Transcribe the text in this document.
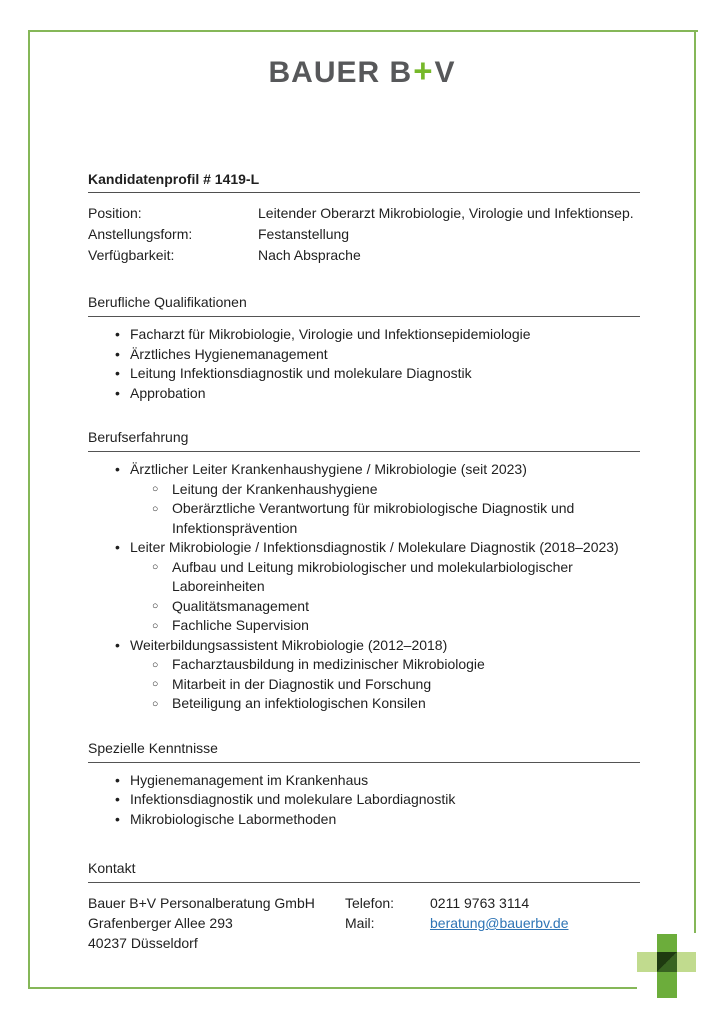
BAUER B+V
Kandidatenprofil # 1419-L
Position:	Leitender Oberarzt Mikrobiologie, Virologie und Infektionsep.
Anstellungsform:	Festanstellung
Verfügbarkeit:	Nach Absprache
Berufliche Qualifikationen
• Facharzt für Mikrobiologie, Virologie und Infektionsepidemiologie
• Ärztliches Hygienemanagement
• Leitung Infektionsdiagnostik und molekulare Diagnostik
• Approbation
Berufserfahrung
• Ärztlicher Leiter Krankenhaushygiene / Mikrobiologie (seit 2023)
○ Leitung der Krankenhaushygiene
○ Oberärztliche Verantwortung für mikrobiologische Diagnostik und Infektionsprävention
• Leiter Mikrobiologie / Infektionsdiagnostik / Molekulare Diagnostik (2018–2023)
○ Aufbau und Leitung mikrobiologischer und molekularbiologischer Laboreinheiten
○ Qualitätsmanagement
○ Fachliche Supervision
• Weiterbildungsassistent Mikrobiologie (2012–2018)
○ Facharztausbildung in medizinischer Mikrobiologie
○ Mitarbeit in der Diagnostik und Forschung
○ Beteiligung an infektiologischen Konsilen
Spezielle Kenntnisse
• Hygienemanagement im Krankenhaus
• Infektionsdiagnostik und molekulare Labordiagnostik
• Mikrobiologische Labormethoden
Kontakt
Bauer B+V Personalberatung GmbH
Grafenberger Allee 293
40237 Düsseldorf
Telefon:	0211 9763 3114
Mail:	beratung@bauerbv.de
